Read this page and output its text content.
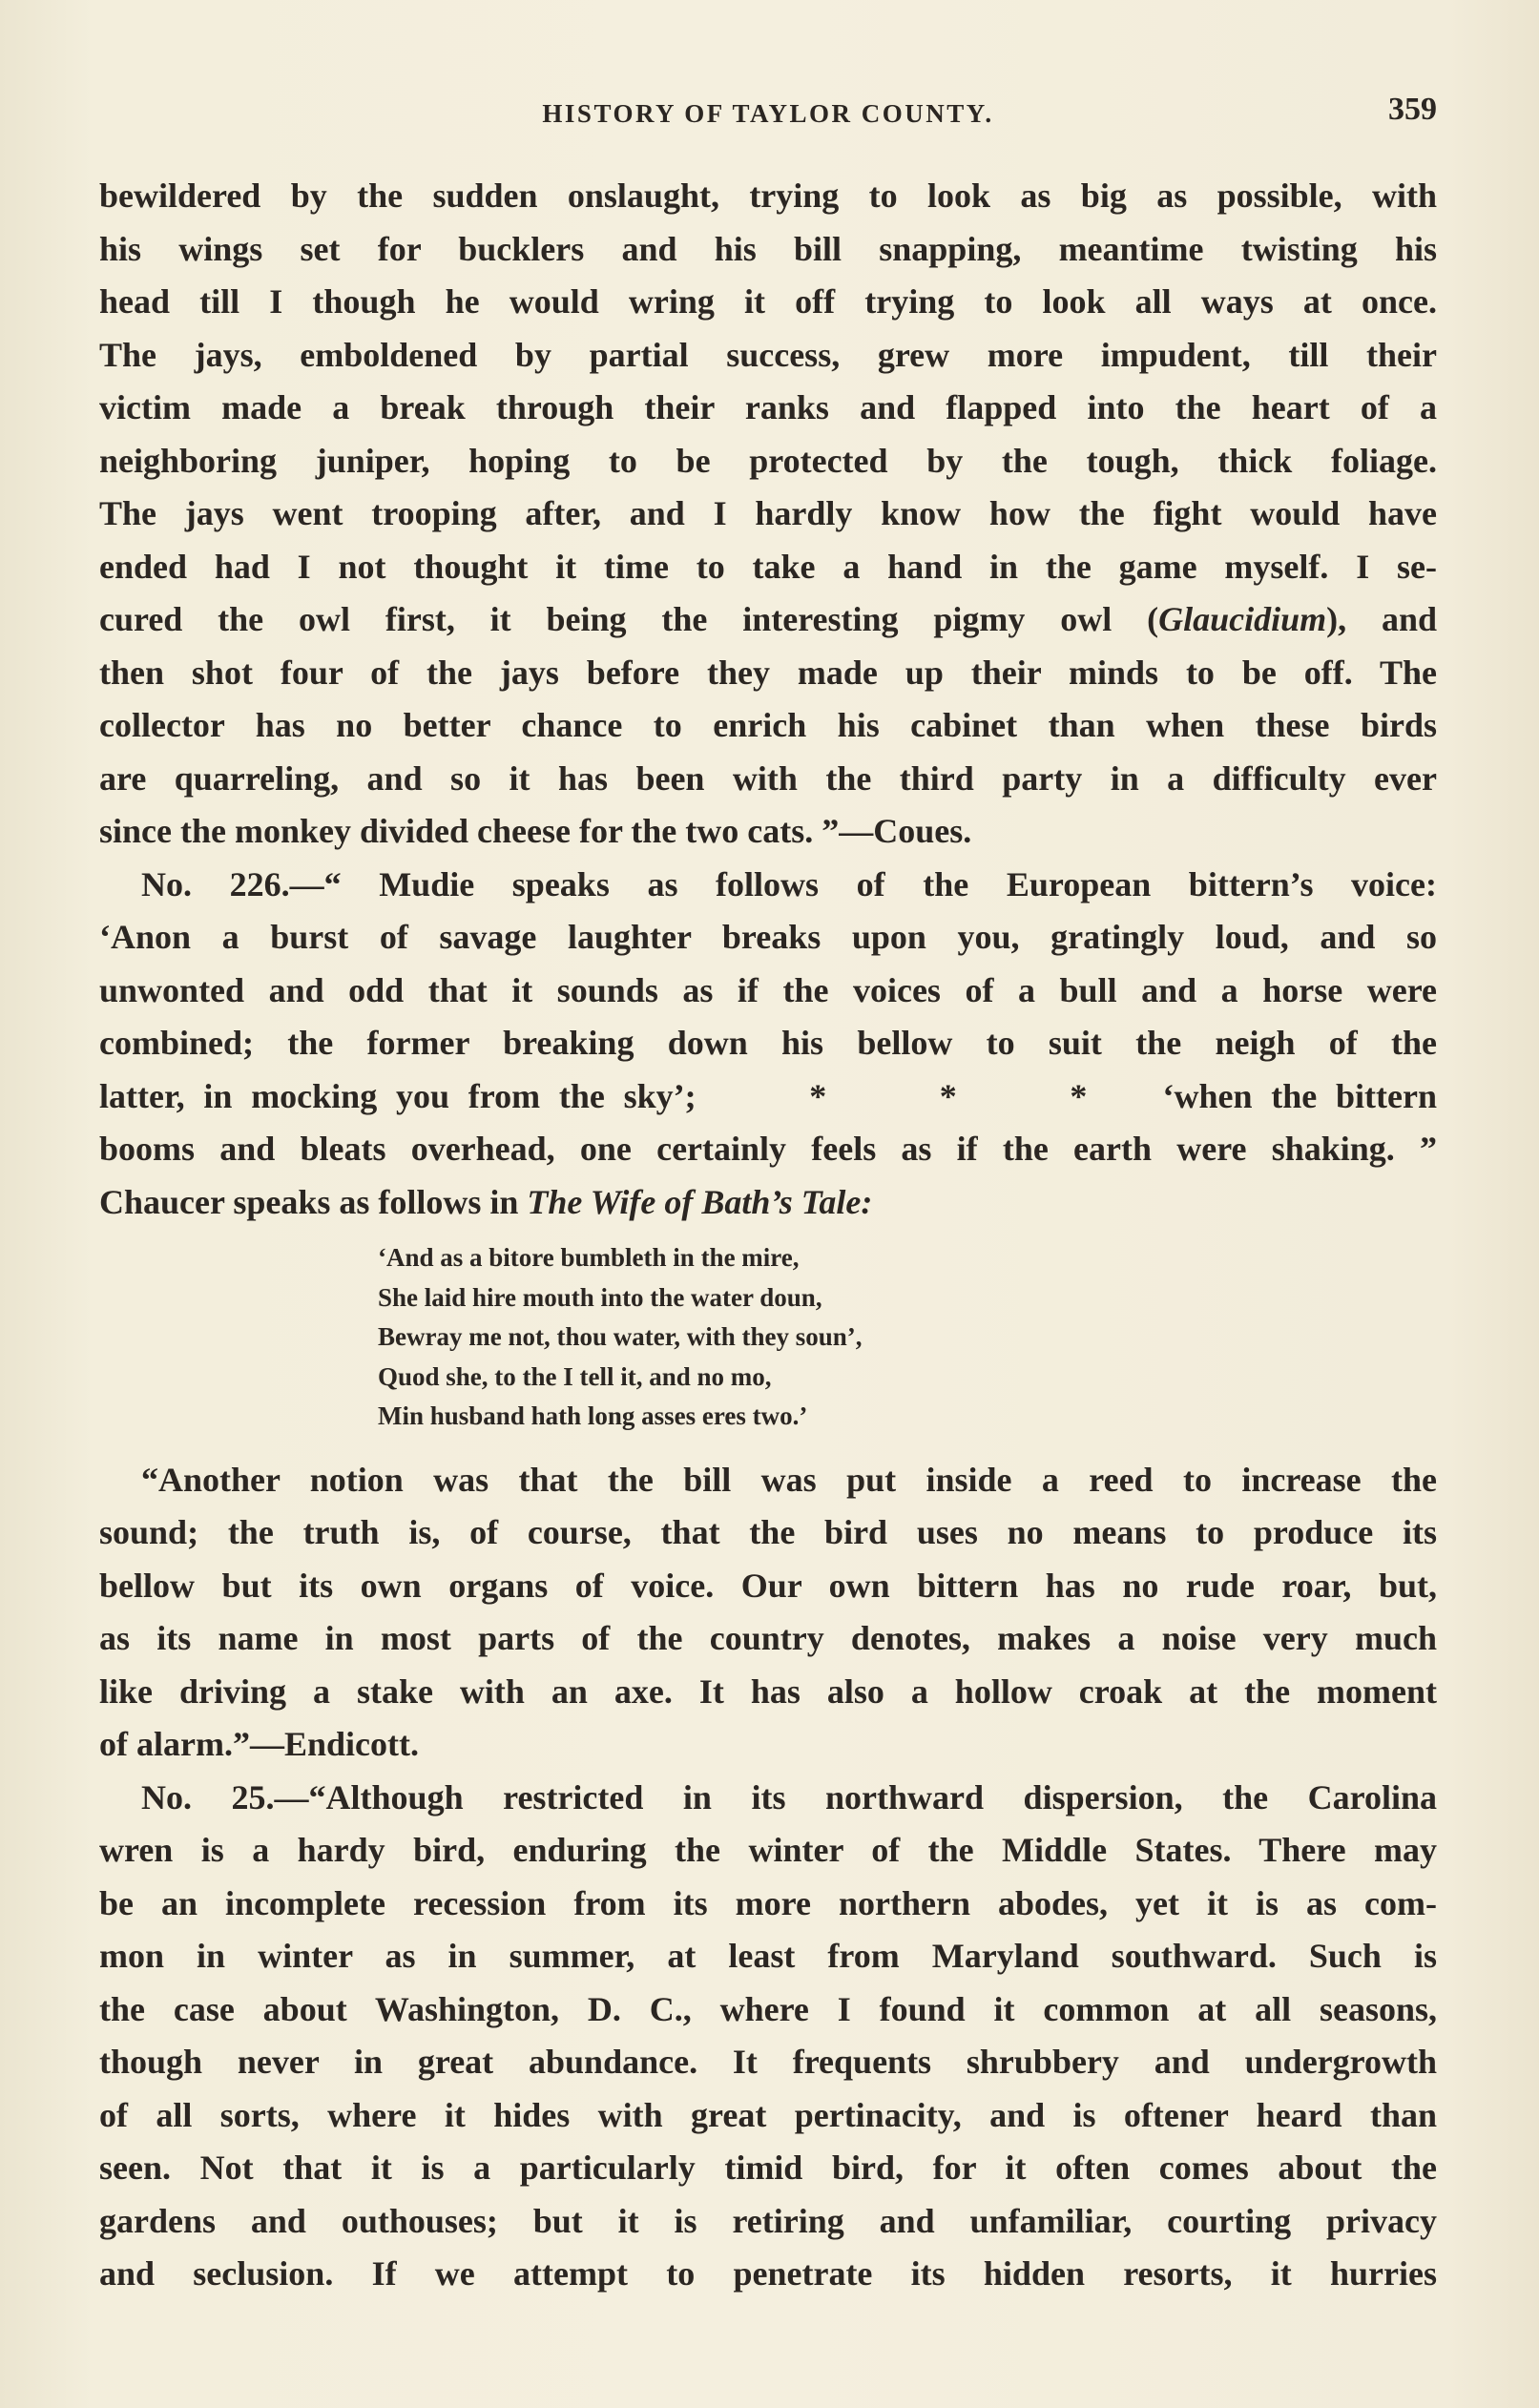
HISTORY OF TAYLOR COUNTY.	359
bewildered by the sudden onslaught, trying to look as big as possible, with
his wings set for bucklers and his bill snapping, meantime twisting his
head till I though he would wring it off trying to look all ways at once.
The jays, emboldened by partial success, grew more impudent, till their
victim made a break through their ranks and flapped into the heart of a
neighboring juniper, hoping to be protected by the tough, thick foliage.
The jays went trooping after, and I hardly know how the fight would have
ended had I not thought it time to take a hand in the game myself. I se-
cured the owl first, it being the interesting pigmy owl (Glaucidium), and
then shot four of the jays before they made up their minds to be off. The
collector has no better chance to enrich his cabinet than when these birds
are quarreling, and so it has been with the third party in a difficulty ever
since the monkey divided cheese for the two cats. ”—Coues.
No. 226.—“ Mudie speaks as follows of the European bittern’s voice:
‘Anon a burst of savage laughter breaks upon you, gratingly loud, and so
unwonted and odd that it sounds as if the voices of a bull and a horse were
combined; the former breaking down his bellow to suit the neigh of the
latter, in mocking you from the sky’;      *      *      *    ‘when the bittern
booms and bleats overhead, one certainly feels as if the earth were shaking. ”
Chaucer speaks as follows in The Wife of Bath’s Tale:
‘And as a bitore bumbleth in the mire,
She laid hire mouth into the water doun,
Bewray me not, thou water, with they soun’,
Quod she, to the I tell it, and no mo,
Min husband hath long asses eres two.’
“Another notion was that the bill was put inside a reed to increase the
sound; the truth is, of course, that the bird uses no means to produce its
bellow but its own organs of voice. Our own bittern has no rude roar, but,
as its name in most parts of the country denotes, makes a noise very much
like driving a stake with an axe. It has also a hollow croak at the moment
of alarm.”—Endicott.
No. 25.—“Although restricted in its northward dispersion, the Carolina
wren is a hardy bird, enduring the winter of the Middle States. There may
be an incomplete recession from its more northern abodes, yet it is as com-
mon in winter as in summer, at least from Maryland southward. Such is
the case about Washington, D. C., where I found it common at all seasons,
though never in great abundance. It frequents shrubbery and undergrowth
of all sorts, where it hides with great pertinacity, and is oftener heard than
seen. Not that it is a particularly timid bird, for it often comes about the
gardens and outhouses; but it is retiring and unfamiliar, courting privacy
and seclusion. If we attempt to penetrate its hidden resorts, it hurries
